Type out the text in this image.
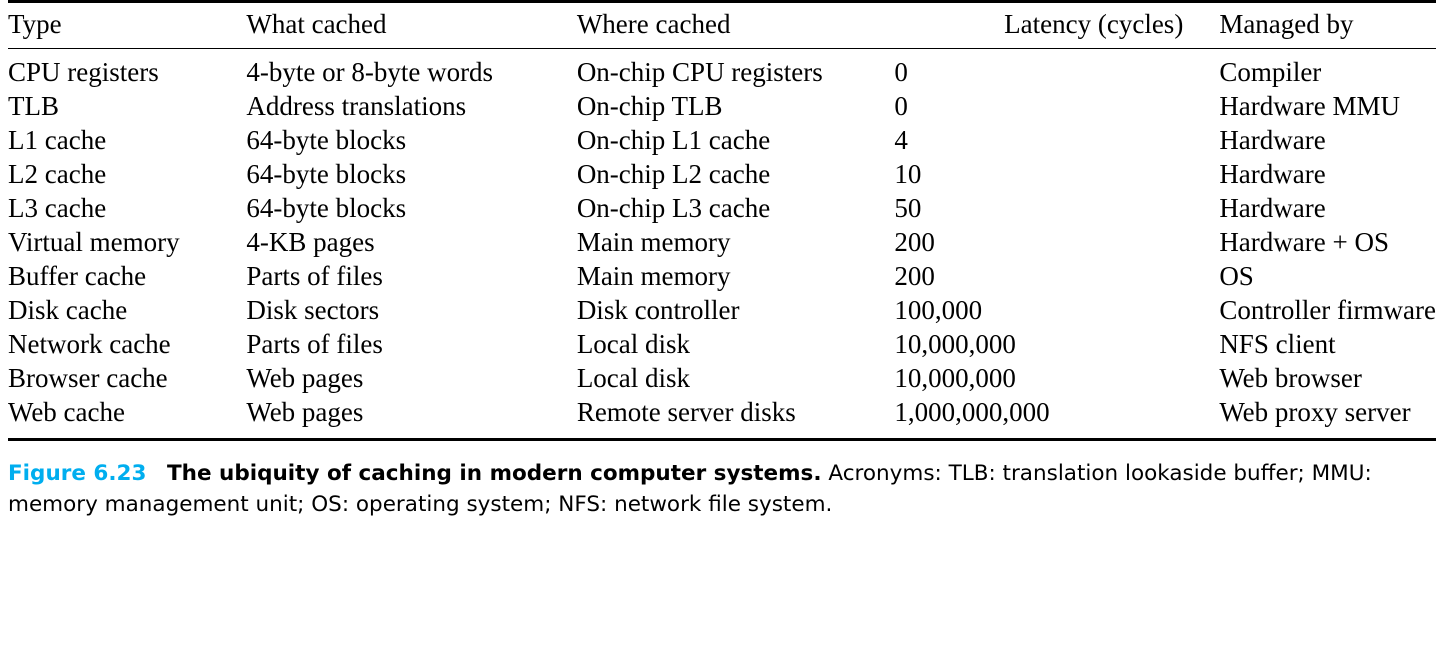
Type	What cached	Where cached	Latency (cycles)	Managed by
CPU registers	4-byte or 8-byte words	On-chip CPU registers	0	Compiler
TLB	Address translations	On-chip TLB	0	Hardware MMU
L1 cache	64-byte blocks	On-chip L1 cache	4	Hardware
L2 cache	64-byte blocks	On-chip L2 cache	10	Hardware
L3 cache	64-byte blocks	On-chip L3 cache	50	Hardware
Virtual memory	4-KB pages	Main memory	200	Hardware + OS
Buffer cache	Parts of files	Main memory	200	OS
Disk cache	Disk sectors	Disk controller	100,000	Controller firmware
Network cache	Parts of files	Local disk	10,000,000	NFS client
Browser cache	Web pages	Local disk	10,000,000	Web browser
Web cache	Web pages	Remote server disks	1,000,000,000	Web proxy server
Figure 6.23 The ubiquity of caching in modern computer systems. Acronyms: TLB: translation lookaside buffer; MMU: memory management unit; OS: operating system; NFS: network file system.
